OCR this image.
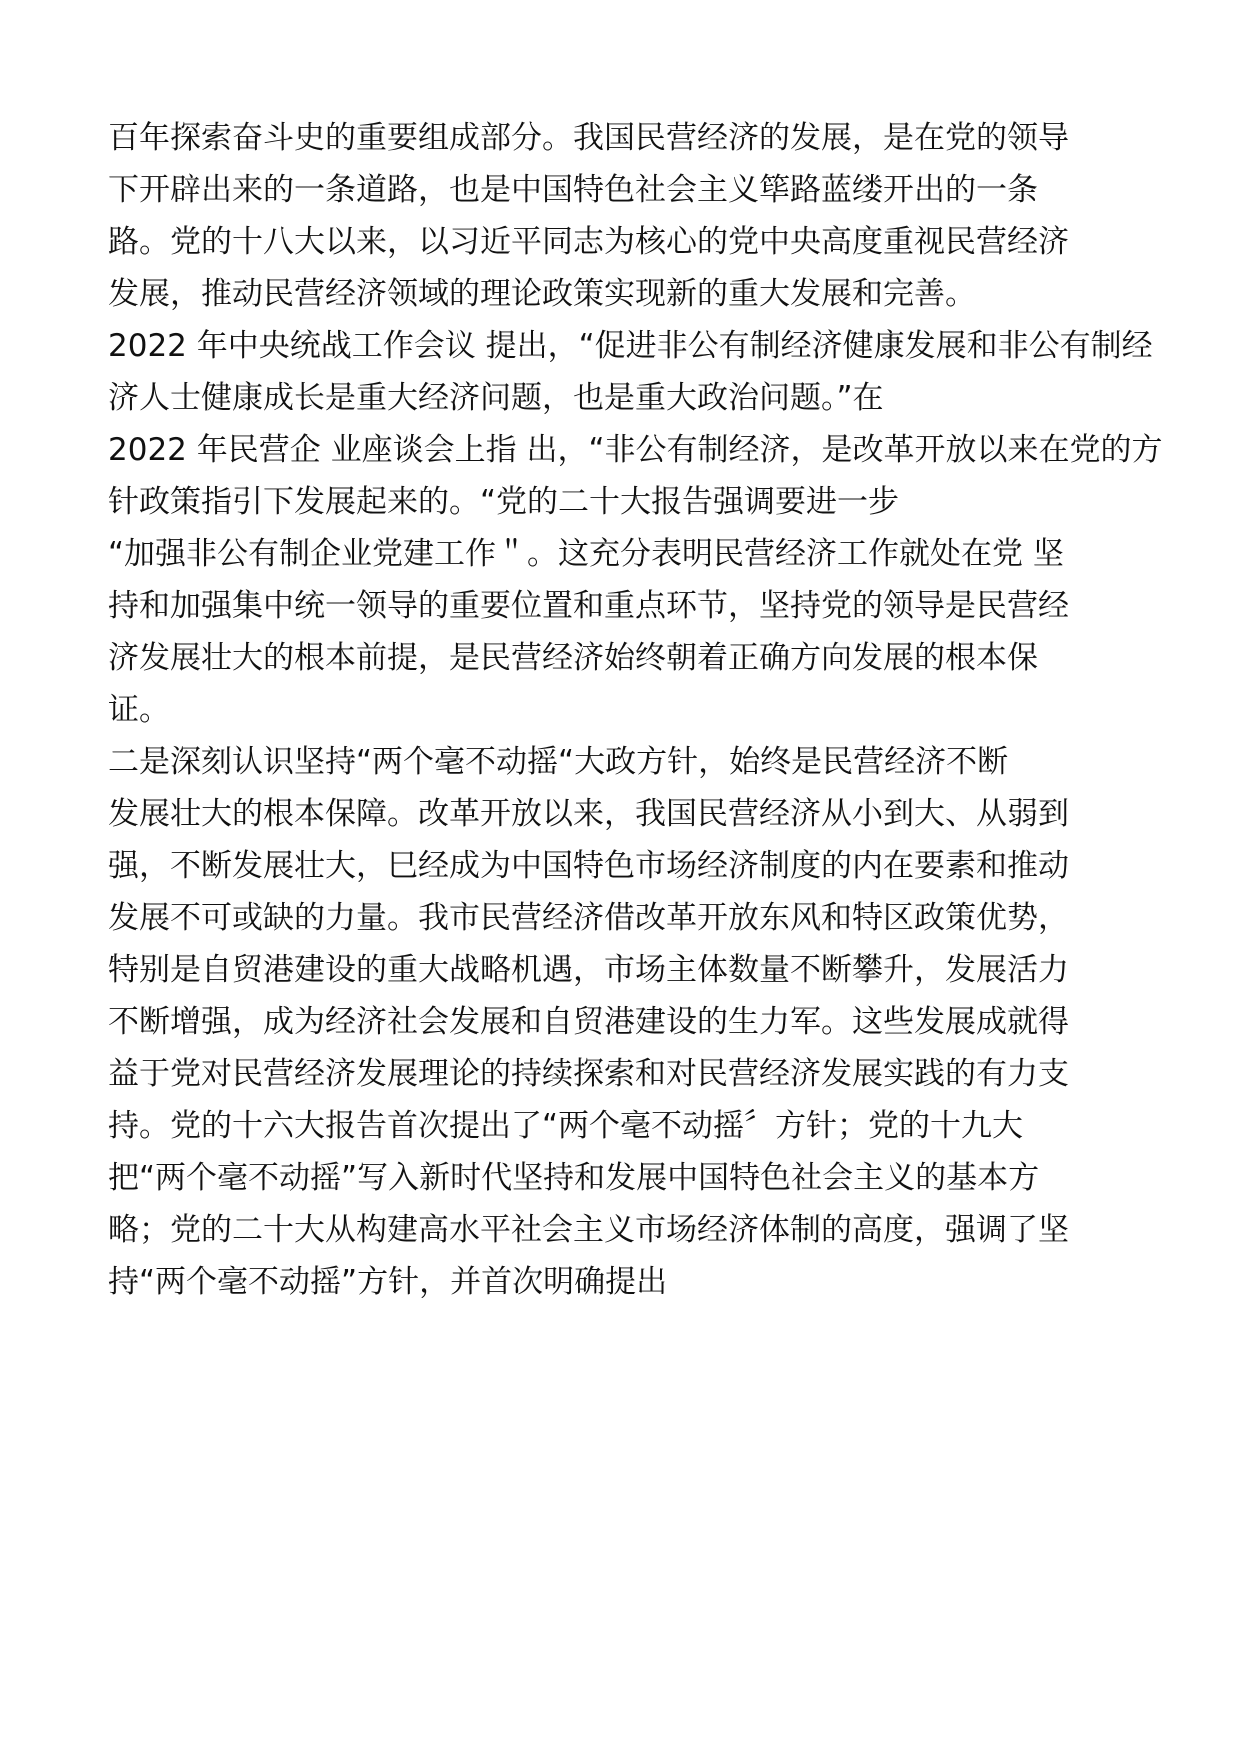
百年探索奋斗史的重要组成部分。我国民营经济的发展，是在党的领导
下开辟出来的一条道路，也是中国特色社会主义筚路蓝缕开出的一条
路。党的十八大以来，以习近平同志为核心的党中央高度重视民营经济
发展，推动民营经济领域的理论政策实现新的重大发展和完善。
2022 年中央统战工作会议 提出，“促进非公有制经济健康发展和非公有制经
济人士健康成长是重大经济问题，也是重大政治问题。”在
2022 年民营企 业座谈会上指 出，“非公有制经济，是改革开放以来在党的方
针政策指引下发展起来的。“党的二十大报告强调要进一步
“加强非公有制企业党建工作＂。这充分表明民营经济工作就处在党 坚
持和加强集中统一领导的重要位置和重点环节，坚持党的领导是民营经
济发展壮大的根本前提，是民营经济始终朝着正确方向发展的根本保
证。
二是深刻认识坚持“两个毫不动摇“大政方针，始终是民营经济不断
发展壮大的根本保障。改革开放以来，我国民营经济从小到大、从弱到
强，不断发展壮大，巳经成为中国特色市场经济制度的内在要素和推动
发展不可或缺的力量。我市民营经济借改革开放东风和特区政策优势，
特别是自贸港建设的重大战略机遇，市场主体数量不断攀升，发展活力
不断增强，成为经济社会发展和自贸港建设的生力军。这些发展成就得
益于党对民营经济发展理论的持续探索和对民营经济发展实践的有力支
持。党的十六大报告首次提出了“两个毫不动摇〞方针；党的十九大
把“两个毫不动摇”写入新时代坚持和发展中国特色社会主义的基本方
略；党的二十大从构建高水平社会主义市场经济体制的高度，强调了坚
持“两个毫不动摇”方针，并首次明确提出
